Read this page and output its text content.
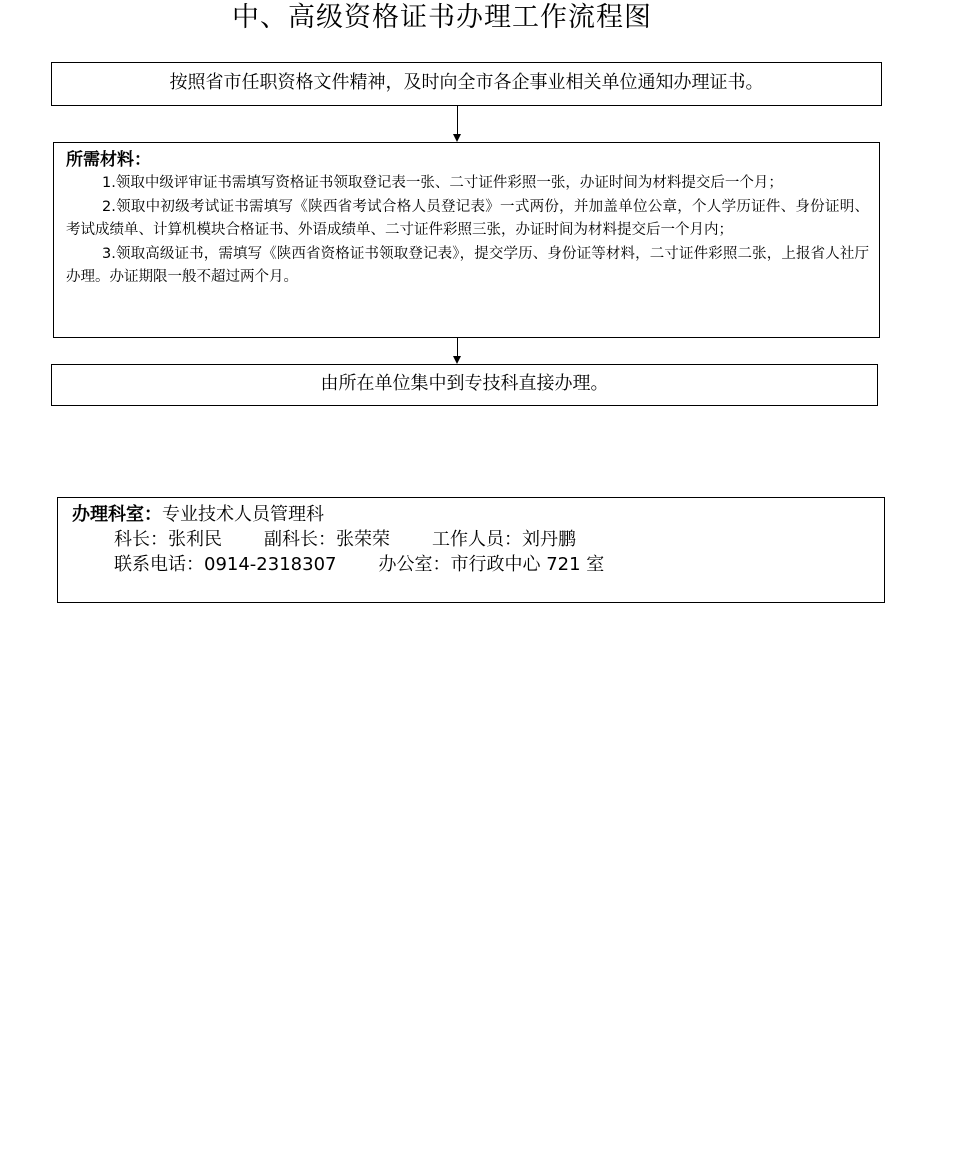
中、高级资格证书办理工作流程图
按照省市任职资格文件精神，及时向全市各企事业相关单位通知办理证书。
所需材料：
1.领取中级评审证书需填写资格证书领取登记表一张、二寸证件彩照一张，办证时间为材料提交后一个月；
2.领取中初级考试证书需填写《陕西省考试合格人员登记表》一式两份，并加盖单位公章，个人学历证件、身份证明、考试成绩单、计算机模块合格证书、外语成绩单、二寸证件彩照三张，办证时间为材料提交后一个月内；
3.领取高级证书，需填写《陕西省资格证书领取登记表》，提交学历、身份证等材料，二寸证件彩照二张，上报省人社厅办理。办证期限一般不超过两个月。
由所在单位集中到专技科直接办理。
办理科室：专业技术人员管理科
科长：张利民 副科长：张荣荣 工作人员：刘丹鹏
联系电话：0914-2318307 办公室：市行政中心 721 室
